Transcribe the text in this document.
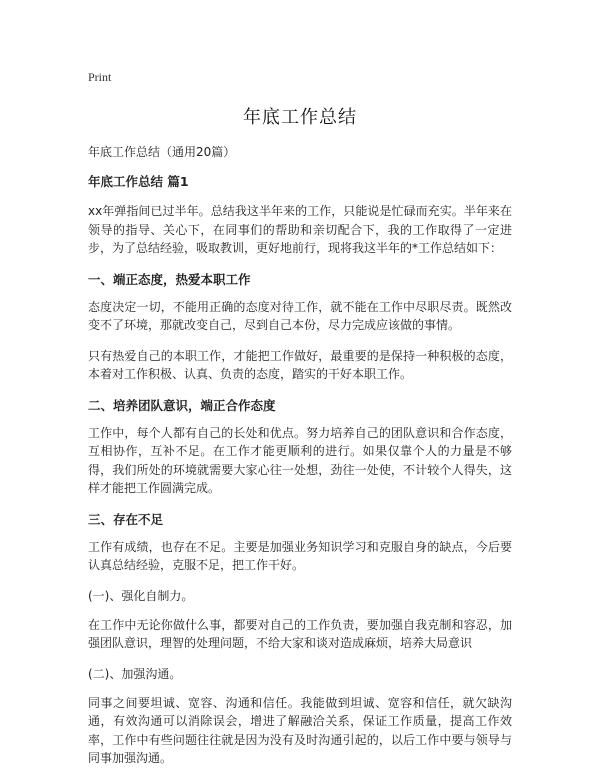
Print
年底工作总结
年底工作总结（通用20篇）
年底工作总结 篇1

xx年弹指间已过半年。总结我这半年来的工作，只能说是忙碌而充实。半年来在领导的指导、关心下，在同事们的帮助和亲切配合下，我的工作取得了一定进步，为了总结经验，吸取教训，更好地前行，现将我这半年的*工作总结如下：

一、端正态度，热爱本职工作

态度决定一切，不能用正确的态度对待工作，就不能在工作中尽职尽责。既然改变不了环境，那就改变自己，尽到自己本份，尽力完成应该做的事情。

只有热爱自己的本职工作，才能把工作做好，最重要的是保持一种积极的态度，本着对工作积极、认真、负责的态度，踏实的干好本职工作。

二、培养团队意识，端正合作态度

工作中，每个人都有自己的长处和优点。努力培养自己的团队意识和合作态度，互相协作，互补不足。在工作才能更顺利的进行。如果仅靠个人的力量是不够得，我们所处的环境就需要大家心往一处想，劲往一处使，不计较个人得失，这样才能把工作圆满完成。

三、存在不足

工作有成绩，也存在不足。主要是加强业务知识学习和克服自身的缺点，今后要认真总结经验，克服不足，把工作干好。

(一)、强化自制力。

在工作中无论你做什么事，都要对自己的工作负责，要加强自我克制和容忍，加强团队意识，理智的处理问题，不给大家和谈对造成麻烦，培养大局意识

(二)、加强沟通。

同事之间要坦诚、宽容、沟通和信任。我能做到坦诚、宽容和信任，就欠缺沟通，有效沟通可以消除误会，增进了解融洽关系，保证工作质量，提高工作效率，工作中有些问题往往就是因为没有及时沟通引起的，以后工作中要与领导与同事加强沟通。
